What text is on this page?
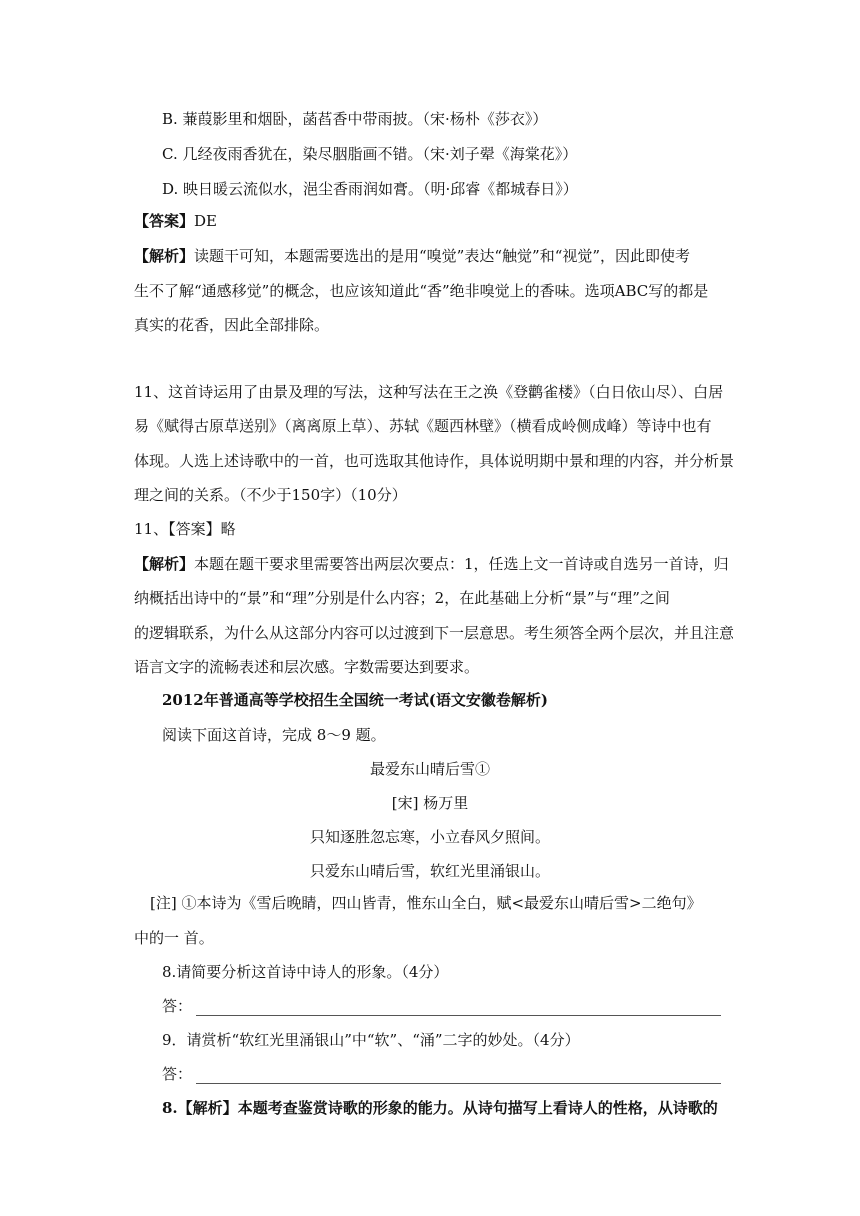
B. 蒹葭影里和烟卧，菡萏香中带雨披。（宋·杨朴《莎衣》）
C. 几经夜雨香犹在，染尽胭脂画不错。（宋·刘子翚《海棠花》）
D. 映日暖云流似水，浥尘香雨润如膏。（明·邱睿《都城春日》）
【答案】DE
【解析】读题干可知，本题需要选出的是用“嗅觉”表达“触觉”和“视觉”，因此即使考
生不了解“通感移觉”的概念，也应该知道此“香”绝非嗅觉上的香味。选项ABC写的都是
真实的花香，因此全部排除。
11、这首诗运用了由景及理的写法，这种写法在王之涣《登鹳雀楼》（白日依山尽）、白居
易《赋得古原草送别》（离离原上草）、苏轼《题西林壁》（横看成岭侧成峰）等诗中也有
体现。人选上述诗歌中的一首，也可选取其他诗作，具体说明期中景和理的内容，并分析景
理之间的关系。（不少于150字）（10分）
11、【答案】略
【解析】本题在题干要求里需要答出两层次要点：1，任选上文一首诗或自选另一首诗，归
纳概括出诗中的“景”和“理”分别是什么内容；2，在此基础上分析“景”与“理”之间
的逻辑联系，为什么从这部分内容可以过渡到下一层意思。考生须答全两个层次，并且注意
语言文字的流畅表述和层次感。字数需要达到要求。
2012年普通高等学校招生全国统一考试(语文安徽卷解析)
阅读下面这首诗，完成 8～9 题。
最爱东山晴后雪①
[宋] 杨万里
只知逐胜忽忘寒，小立春风夕照间。
只爱东山晴后雪，软红光里涌银山。
[注] ①本诗为《雪后晚睛，四山皆青，惟东山全白，赋<最爱东山晴后雪>二绝句》
中的一 首。
8.请简要分析这首诗中诗人的形象。（4分）
答：
9．请赏析“软红光里涌银山”中“软”、“涌”二字的妙处。（4分）
答：
8.【解析】本题考查鉴赏诗歌的形象的能力。从诗句描写上看诗人的性格，从诗歌的
